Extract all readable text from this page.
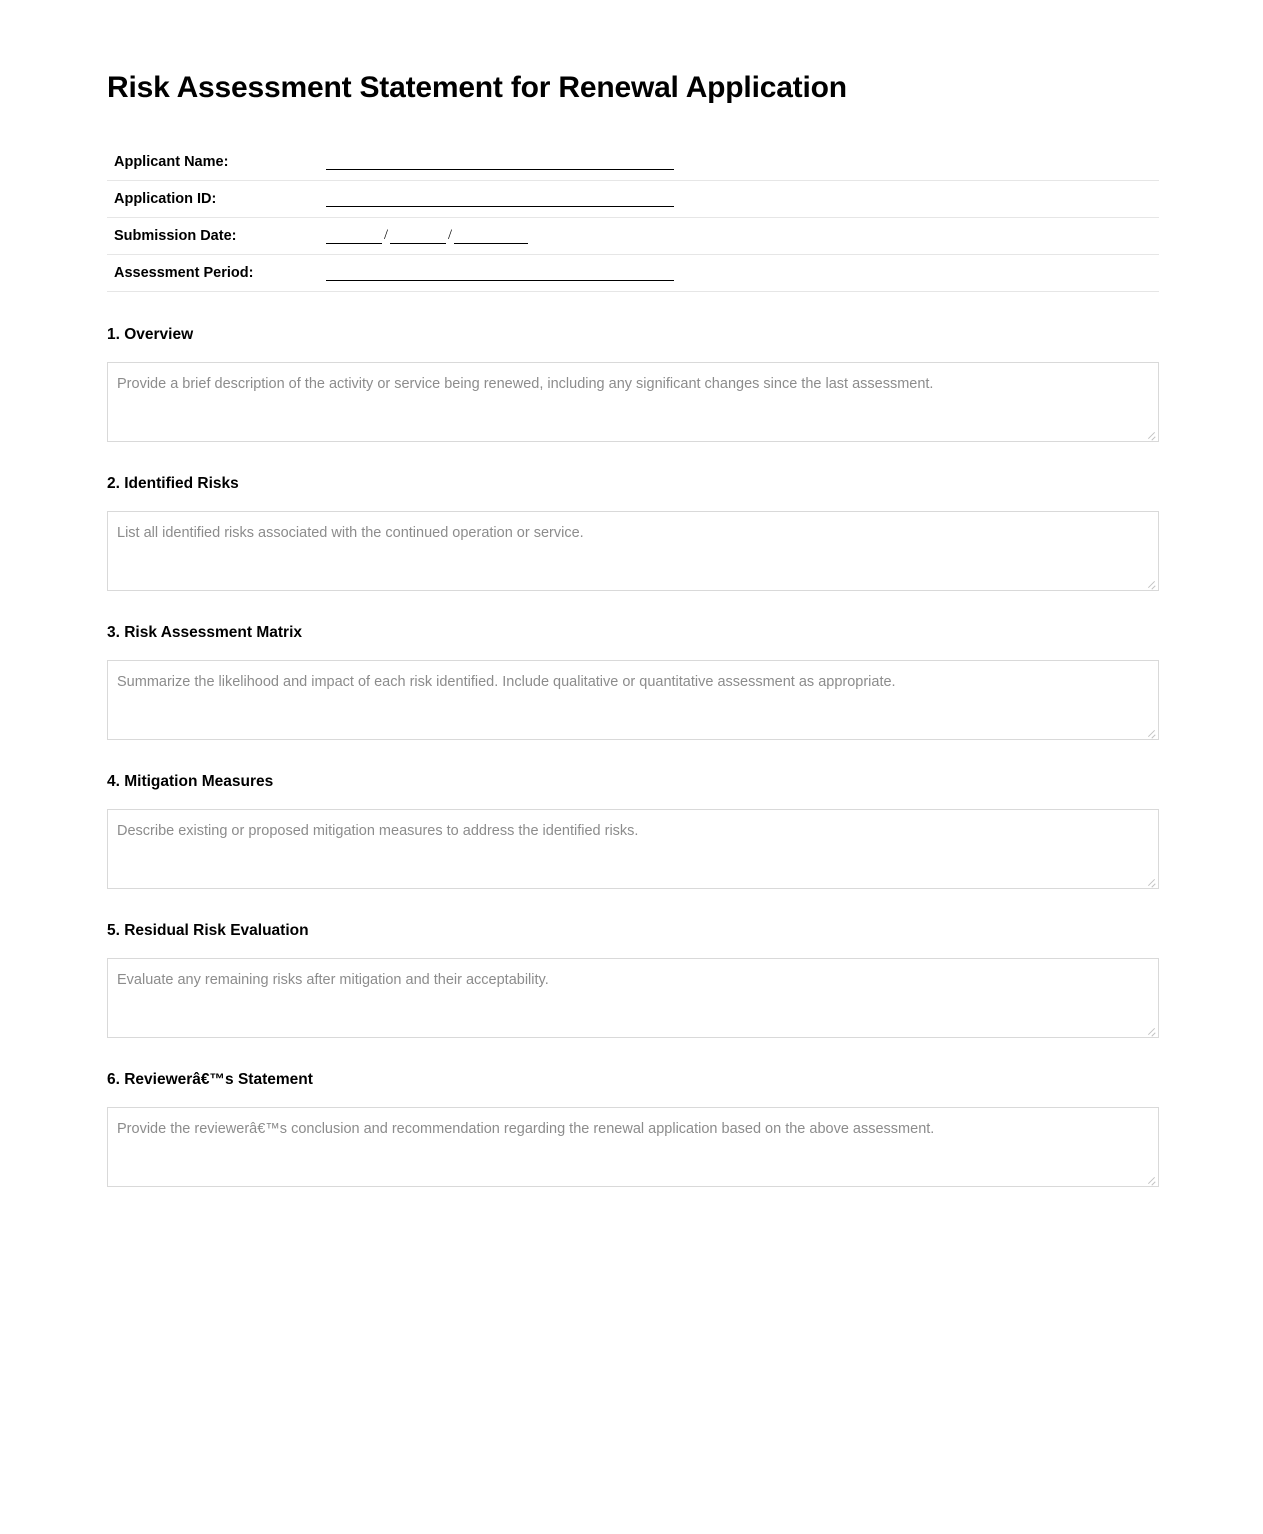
Risk Assessment Statement for Renewal Application
Applicant Name:	
Application ID:	
Submission Date:	/ /
Assessment Period:	
1. Overview
Provide a brief description of the activity or service being renewed, including any significant changes since the last assessment.
2. Identified Risks
List all identified risks associated with the continued operation or service.
3. Risk Assessment Matrix
Summarize the likelihood and impact of each risk identified. Include qualitative or quantitative assessment as appropriate.
4. Mitigation Measures
Describe existing or proposed mitigation measures to address the identified risks.
5. Residual Risk Evaluation
Evaluate any remaining risks after mitigation and their acceptability.
6. Reviewerâ€™s Statement
Provide the reviewerâ€™s conclusion and recommendation regarding the renewal application based on the above assessment.
